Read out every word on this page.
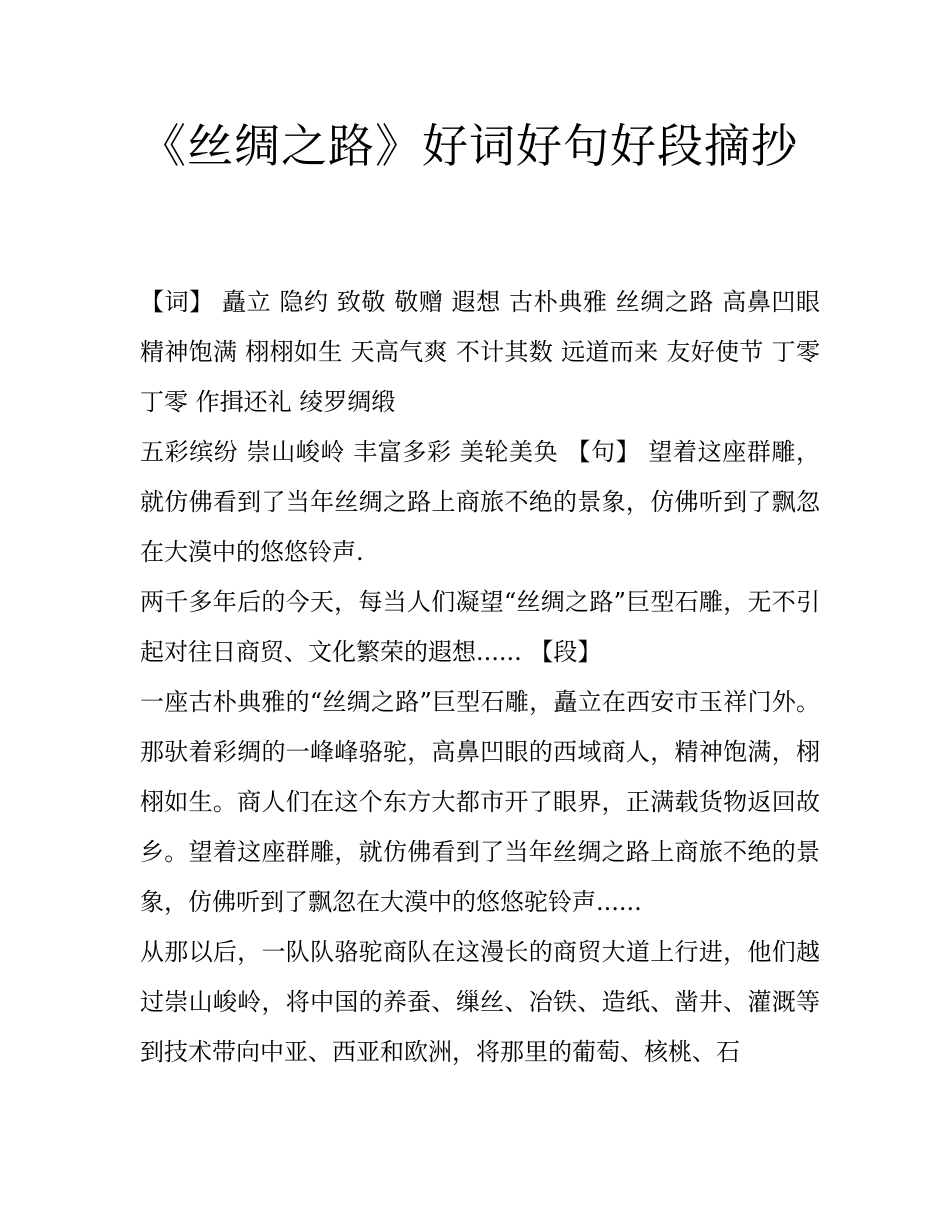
《丝绸之路》好词好句好段摘抄

【词】 矗立 隐约 致敬 敬赠 遐想 古朴典雅 丝绸之路 高鼻凹眼 精神饱满 栩栩如生 天高气爽 不计其数 远道而来 友好使节 丁零丁零 作揖还礼 绫罗绸缎

五彩缤纷 崇山峻岭 丰富多彩 美轮美奂 【句】 望着这座群雕，就仿佛看到了当年丝绸之路上商旅不绝的景象，仿佛听到了飘忽在大漠中的悠悠铃声.

两千多年后的今天，每当人们凝望“丝绸之路”巨型石雕，无不引起对往日商贸、文化繁荣的遐想...... 【段】

一座古朴典雅的“丝绸之路”巨型石雕，矗立在西安市玉祥门外。那驮着彩绸的一峰峰骆驼，高鼻凹眼的西域商人，精神饱满，栩栩如生。商人们在这个东方大都市开了眼界，正满载货物返回故乡。望着这座群雕，就仿佛看到了当年丝绸之路上商旅不绝的景象，仿佛听到了飘忽在大漠中的悠悠驼铃声......

从那以后，一队队骆驼商队在这漫长的商贸大道上行进，他们越过崇山峻岭，将中国的养蚕、缫丝、冶铁、造纸、凿井、灌溉等到技术带向中亚、西亚和欧洲，将那里的葡萄、核桃、石
